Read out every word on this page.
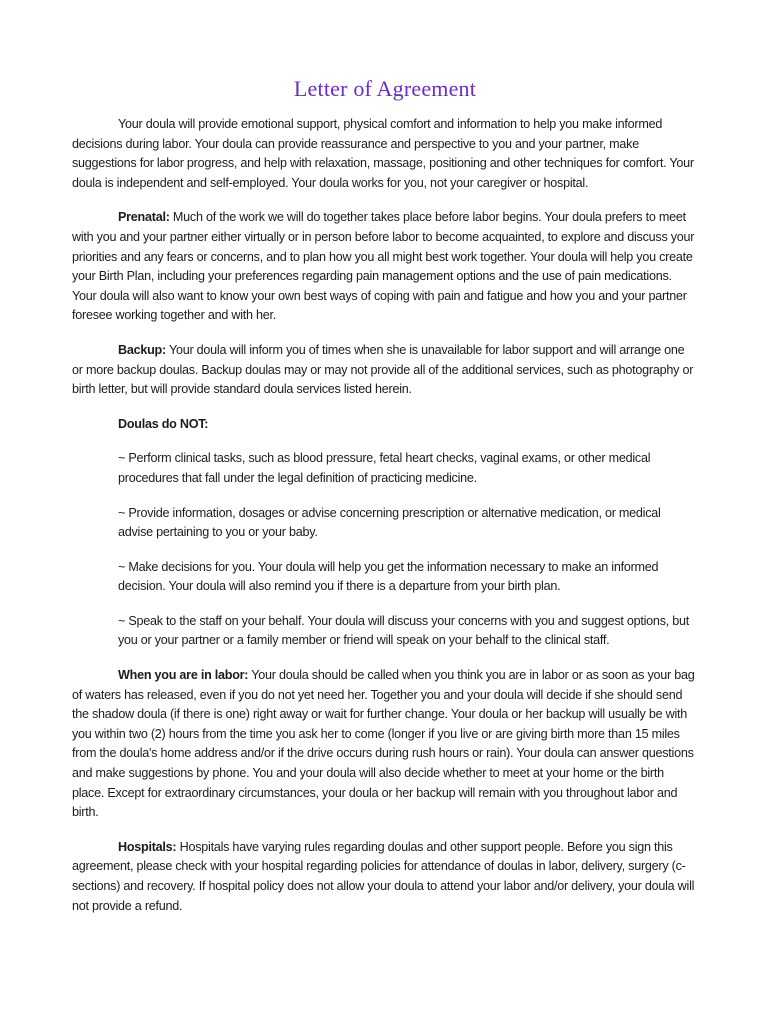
Letter of Agreement

Your doula will provide emotional support, physical comfort and information to help you make informed decisions during labor. Your doula can provide reassurance and perspective to you and your partner, make suggestions for labor progress, and help with relaxation, massage, positioning and other techniques for comfort. Your doula is independent and self-employed. Your doula works for you, not your caregiver or hospital.

Prenatal: Much of the work we will do together takes place before labor begins. Your doula prefers to meet with you and your partner either virtually or in person before labor to become acquainted, to explore and discuss your priorities and any fears or concerns, and to plan how you all might best work together. Your doula will help you create your Birth Plan, including your preferences regarding pain management options and the use of pain medications. Your doula will also want to know your own best ways of coping with pain and fatigue and how you and your partner foresee working together and with her.

Backup: Your doula will inform you of times when she is unavailable for labor support and will arrange one or more backup doulas. Backup doulas may or may not provide all of the additional services, such as photography or birth letter, but will provide standard doula services listed herein.

Doulas do NOT:

~ Perform clinical tasks, such as blood pressure, fetal heart checks, vaginal exams, or other medical procedures that fall under the legal definition of practicing medicine.

~ Provide information, dosages or advise concerning prescription or alternative medication, or medical advise pertaining to you or your baby.

~ Make decisions for you. Your doula will help you get the information necessary to make an informed decision. Your doula will also remind you if there is a departure from your birth plan.

~ Speak to the staff on your behalf. Your doula will discuss your concerns with you and suggest options, but you or your partner or a family member or friend will speak on your behalf to the clinical staff.

When you are in labor: Your doula should be called when you think you are in labor or as soon as your bag of waters has released, even if you do not yet need her. Together you and your doula will decide if she should send the shadow doula (if there is one) right away or wait for further change. Your doula or her backup will usually be with you within two (2) hours from the time you ask her to come (longer if you live or are giving birth more than 15 miles from the doula's home address and/or if the drive occurs during rush hours or rain). Your doula can answer questions and make suggestions by phone. You and your doula will also decide whether to meet at your home or the birth place. Except for extraordinary circumstances, your doula or her backup will remain with you throughout labor and birth.

Hospitals: Hospitals have varying rules regarding doulas and other support people. Before you sign this agreement, please check with your hospital regarding policies for attendance of doulas in labor, delivery, surgery (c-sections) and recovery. If hospital policy does not allow your doula to attend your labor and/or delivery, your doula will not provide a refund.
